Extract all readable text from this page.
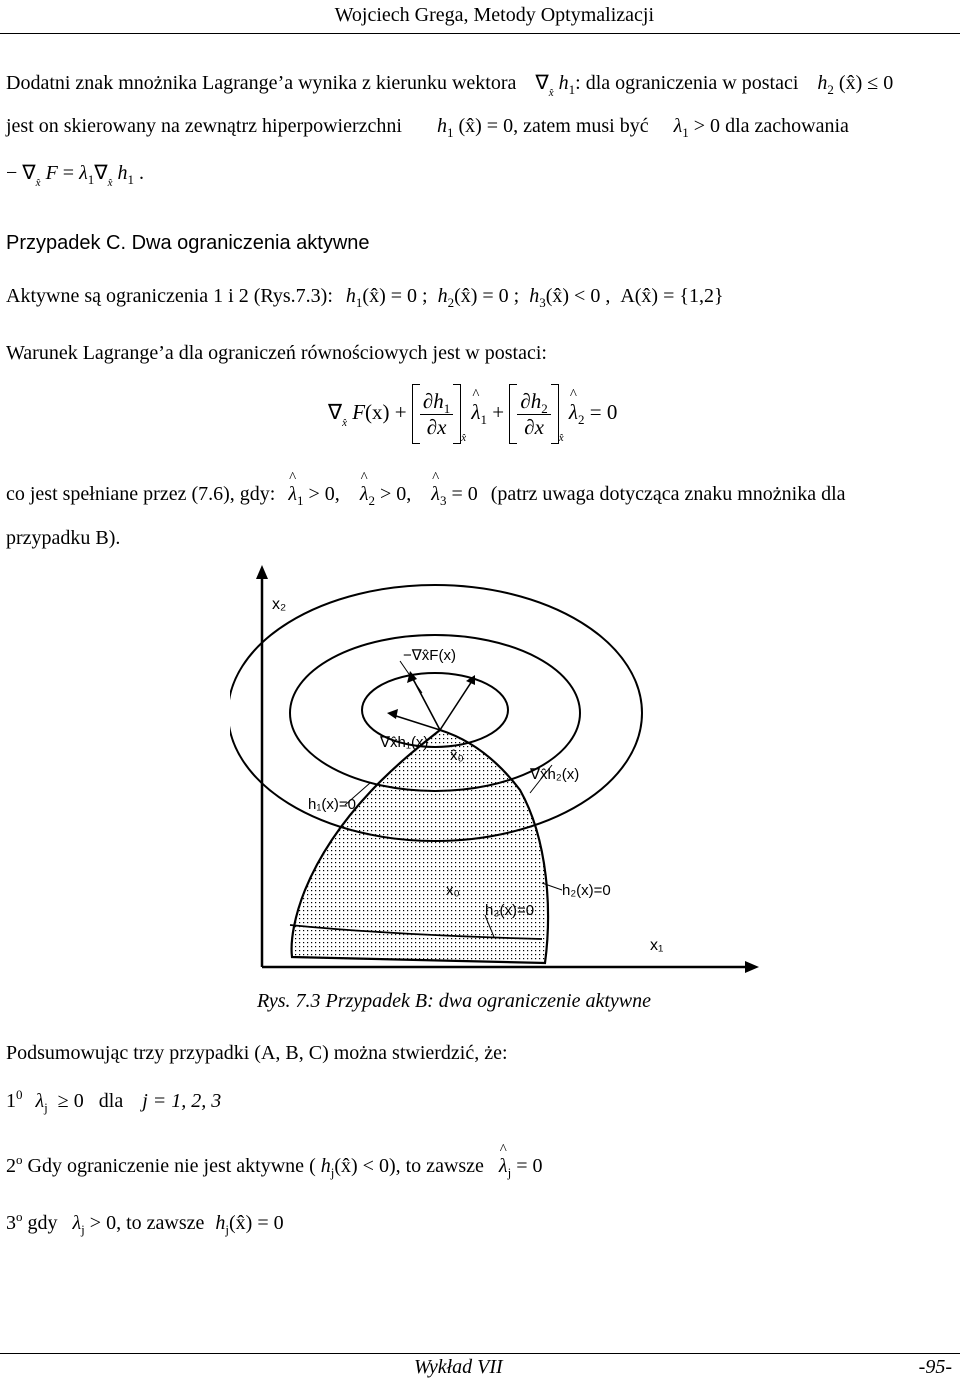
Wojciech Grega, Metody Optymalizacji
Dodatni znak mnożnika Lagrange’a wynika z kierunku wektora $\nabla_{x̂}$ $h_1$: dla ograniczenia w postaci $h_2$ (x̂) ≤ 0
jest on skierowany na zewnątrz hiperpowierzchni $h_1$ (x̂) = 0, zatem musi być $\lambda_1 > 0$ dla zachowania
− $\nabla_{x̂}$ $F = \lambda_1\nabla_{x̂}$ $h_1$ .
Przypadek C. Dwa ograniczenia aktywne
Aktywne są ograniczenia 1 i 2 (Rys.7.3): $h_1(x̂) = 0$ ;  $h_2(x̂) = 0$ ;  $h_3(x̂) < 0$ ,  A(x̂) = {1,2}
Warunek Lagrange’a dla ograniczeń równościowych jest w postaci:
$\nabla_{x̂}$ $F(x) + \frac{\partial h_1}{\partial x} _{x̂}$ ^ $\lambda_1 + \frac{\partial h_2}{\partial x} _{x̂}$ ^ $\lambda_2 = 0$
co jest spełniane przez (7.6), gdy: ^ $\lambda_1 > 0$,    ^ $\lambda_2 > 0$,    ^ $\lambda_3 = 0$ (patrz uwaga dotycząca znaku mnożnika dla
przypadku B).
x₂
x₁
−∇x̂F(x)
∇x̂h₁(x)
x̂₀
∇x̂h₂(x)
h₁(x)=0
x₀	h₂(x)=0
h₃(x)=0
Rys. 7.3 Przypadek B: dwa ograniczenie aktywne
Podsumowując trzy przypadki (A, B, C) można stwierdzić, że:
$1^0$ $\lambda_j \ge 0$ dla j = 1, 2, 3
2$^o$ Gdy ograniczenie nie jest aktywne ( $h_j(x̂) < 0$), to zawsze ^ $\lambda_j = 0$
3$^o$ gdy $\lambda_j > 0$, to zawsze $h_j(x̂) = 0$
Wykład VII	-95-
